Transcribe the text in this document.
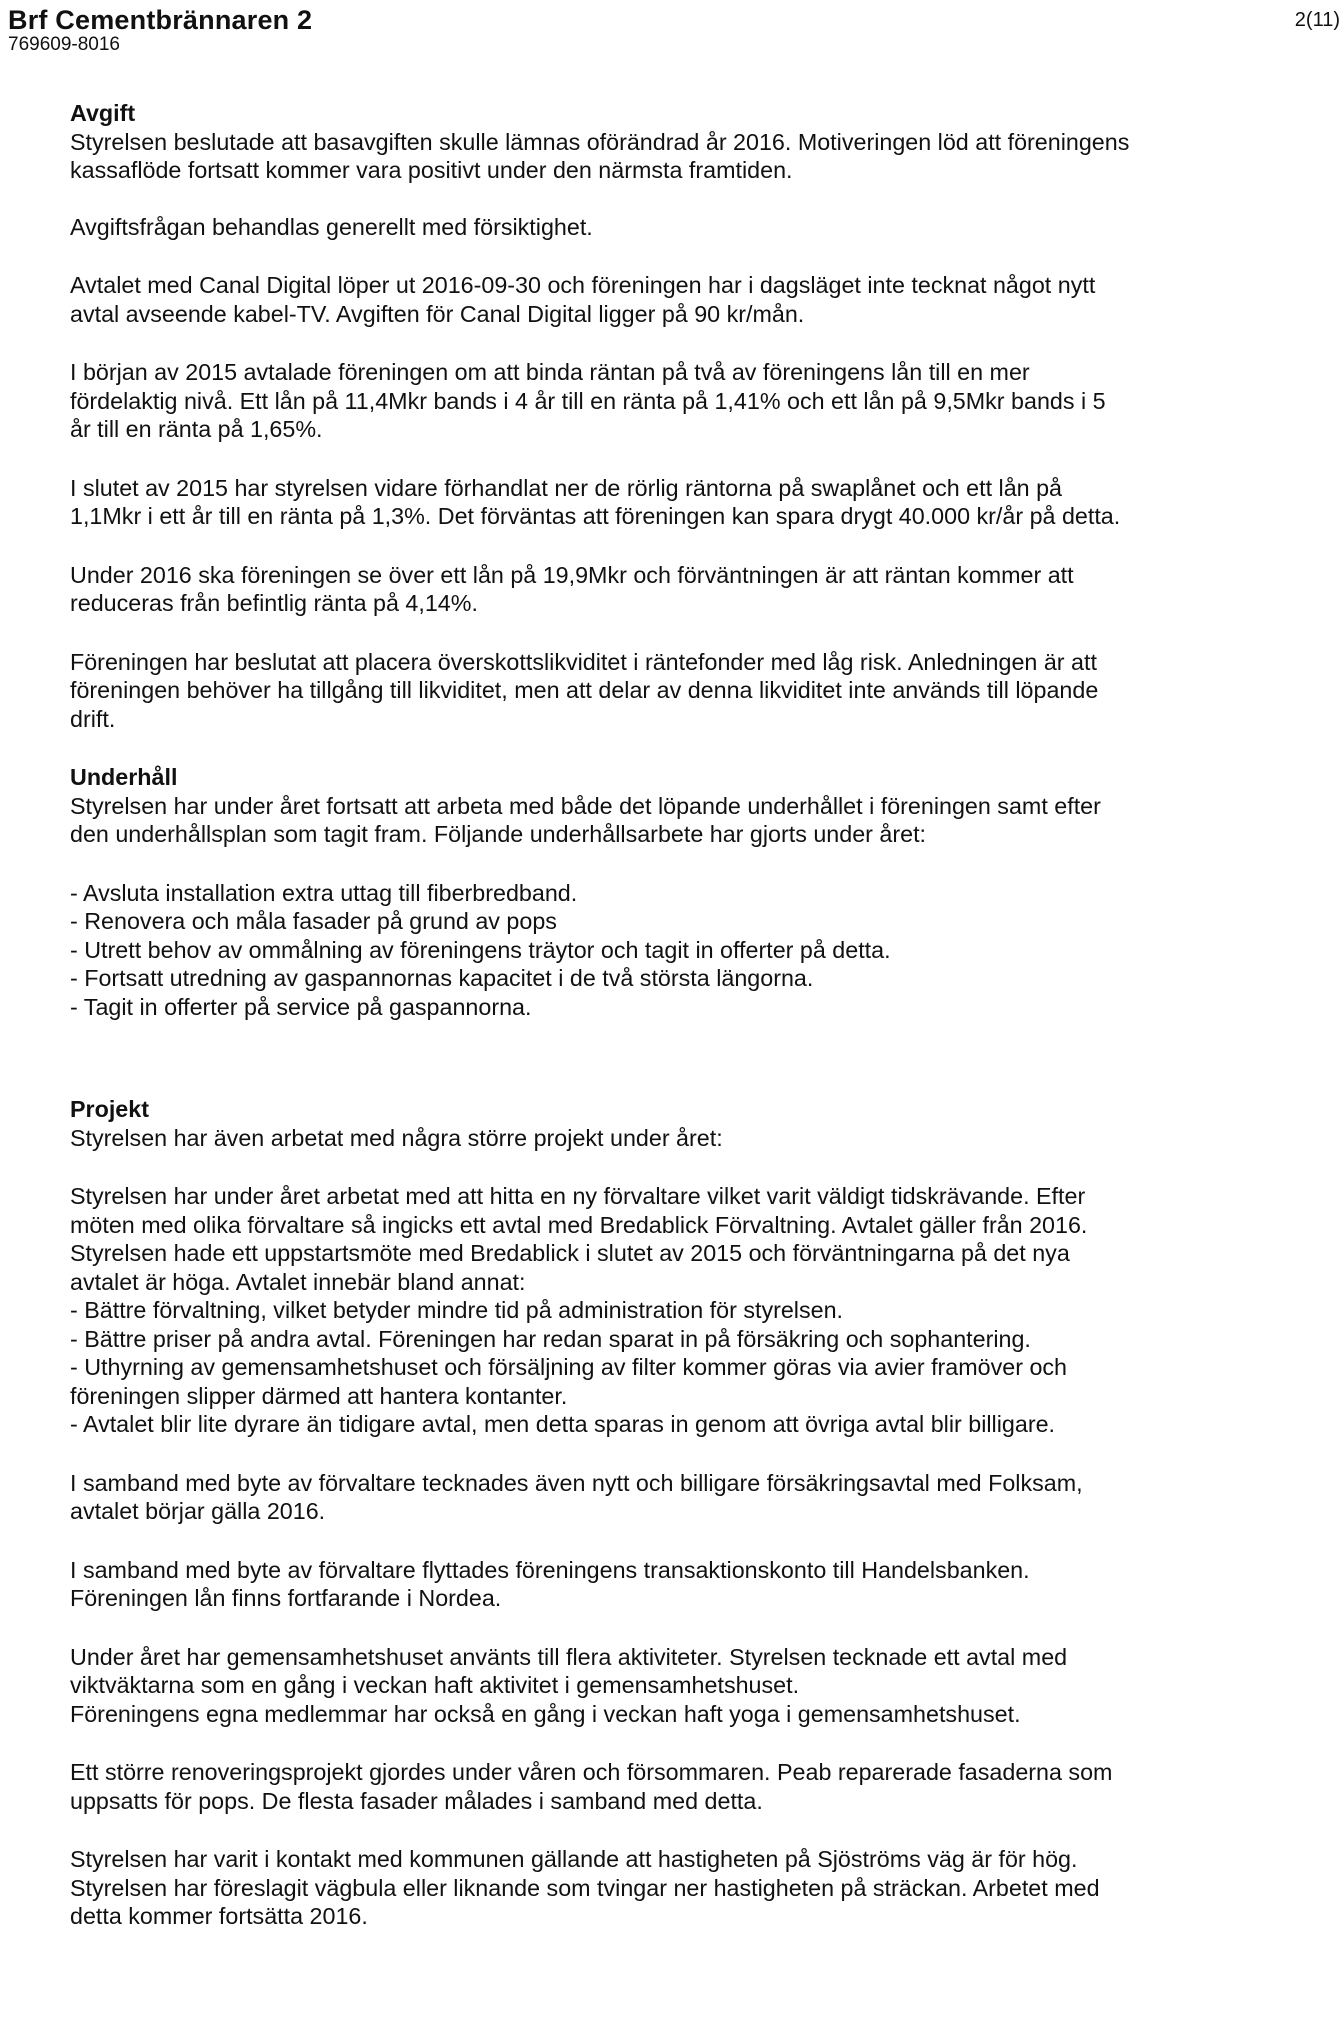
Brf Cementbrännaren 2
769609-8016
2(11)

Avgift

Styrelsen beslutade att basavgiften skulle lämnas oförändrad år 2016. Motiveringen löd att föreningens
kassaflöde fortsatt kommer vara positivt under den närmsta framtiden.

Avgiftsfrågan behandlas generellt med försiktighet.

Avtalet med Canal Digital löper ut 2016-09-30 och föreningen har i dagsläget inte tecknat något nytt
avtal avseende kabel-TV. Avgiften för Canal Digital ligger på 90 kr/mån.

I början av 2015 avtalade föreningen om att binda räntan på två av föreningens lån till en mer
fördelaktig nivå. Ett lån på 11,4Mkr bands i 4 år till en ränta på 1,41% och ett lån på 9,5Mkr bands i 5
år till en ränta på 1,65%.

I slutet av 2015 har styrelsen vidare förhandlat ner de rörlig räntorna på swaplånet och ett lån på
1,1Mkr i ett år till en ränta på 1,3%. Det förväntas att föreningen kan spara drygt 40.000 kr/år på detta.

Under 2016 ska föreningen se över ett lån på 19,9Mkr och förväntningen är att räntan kommer att
reduceras från befintlig ränta på 4,14%.

Föreningen har beslutat att placera överskottslikviditet i räntefonder med låg risk. Anledningen är att
föreningen behöver ha tillgång till likviditet, men att delar av denna likviditet inte används till löpande
drift.

Underhåll

Styrelsen har under året fortsatt att arbeta med både det löpande underhållet i föreningen samt efter
den underhållsplan som tagit fram. Följande underhållsarbete har gjorts under året:

- Avsluta installation extra uttag till fiberbredband.
- Renovera och måla fasader på grund av pops
- Utrett behov av ommålning av föreningens träytor och tagit in offerter på detta.
- Fortsatt utredning av gaspannornas kapacitet i de två största längorna.
- Tagit in offerter på service på gaspannorna.

Projekt

Styrelsen har även arbetat med några större projekt under året:

Styrelsen har under året arbetat med att hitta en ny förvaltare vilket varit väldigt tidskrävande. Efter
möten med olika förvaltare så ingicks ett avtal med Bredablick Förvaltning. Avtalet gäller från 2016.
Styrelsen hade ett uppstartsmöte med Bredablick i slutet av 2015 och förväntningarna på det nya
avtalet är höga. Avtalet innebär bland annat:
- Bättre förvaltning, vilket betyder mindre tid på administration för styrelsen.
- Bättre priser på andra avtal. Föreningen har redan sparat in på försäkring och sophantering.
- Uthyrning av gemensamhetshuset och försäljning av filter kommer göras via avier framöver och
föreningen slipper därmed att hantera kontanter.
- Avtalet blir lite dyrare än tidigare avtal, men detta sparas in genom att övriga avtal blir billigare.

I samband med byte av förvaltare tecknades även nytt och billigare försäkringsavtal med Folksam,
avtalet börjar gälla 2016.

I samband med byte av förvaltare flyttades föreningens transaktionskonto till Handelsbanken.
Föreningen lån finns fortfarande i Nordea.

Under året har gemensamhetshuset använts till flera aktiviteter. Styrelsen tecknade ett avtal med
viktväktarna som en gång i veckan haft aktivitet i gemensamhetshuset.
Föreningens egna medlemmar har också en gång i veckan haft yoga i gemensamhetshuset.

Ett större renoveringsprojekt gjordes under våren och försommaren. Peab reparerade fasaderna som
uppsatts för pops. De flesta fasader målades i samband med detta.

Styrelsen har varit i kontakt med kommunen gällande att hastigheten på Sjöströms väg är för hög.
Styrelsen har föreslagit vägbula eller liknande som tvingar ner hastigheten på sträckan. Arbetet med
detta kommer fortsätta 2016.
